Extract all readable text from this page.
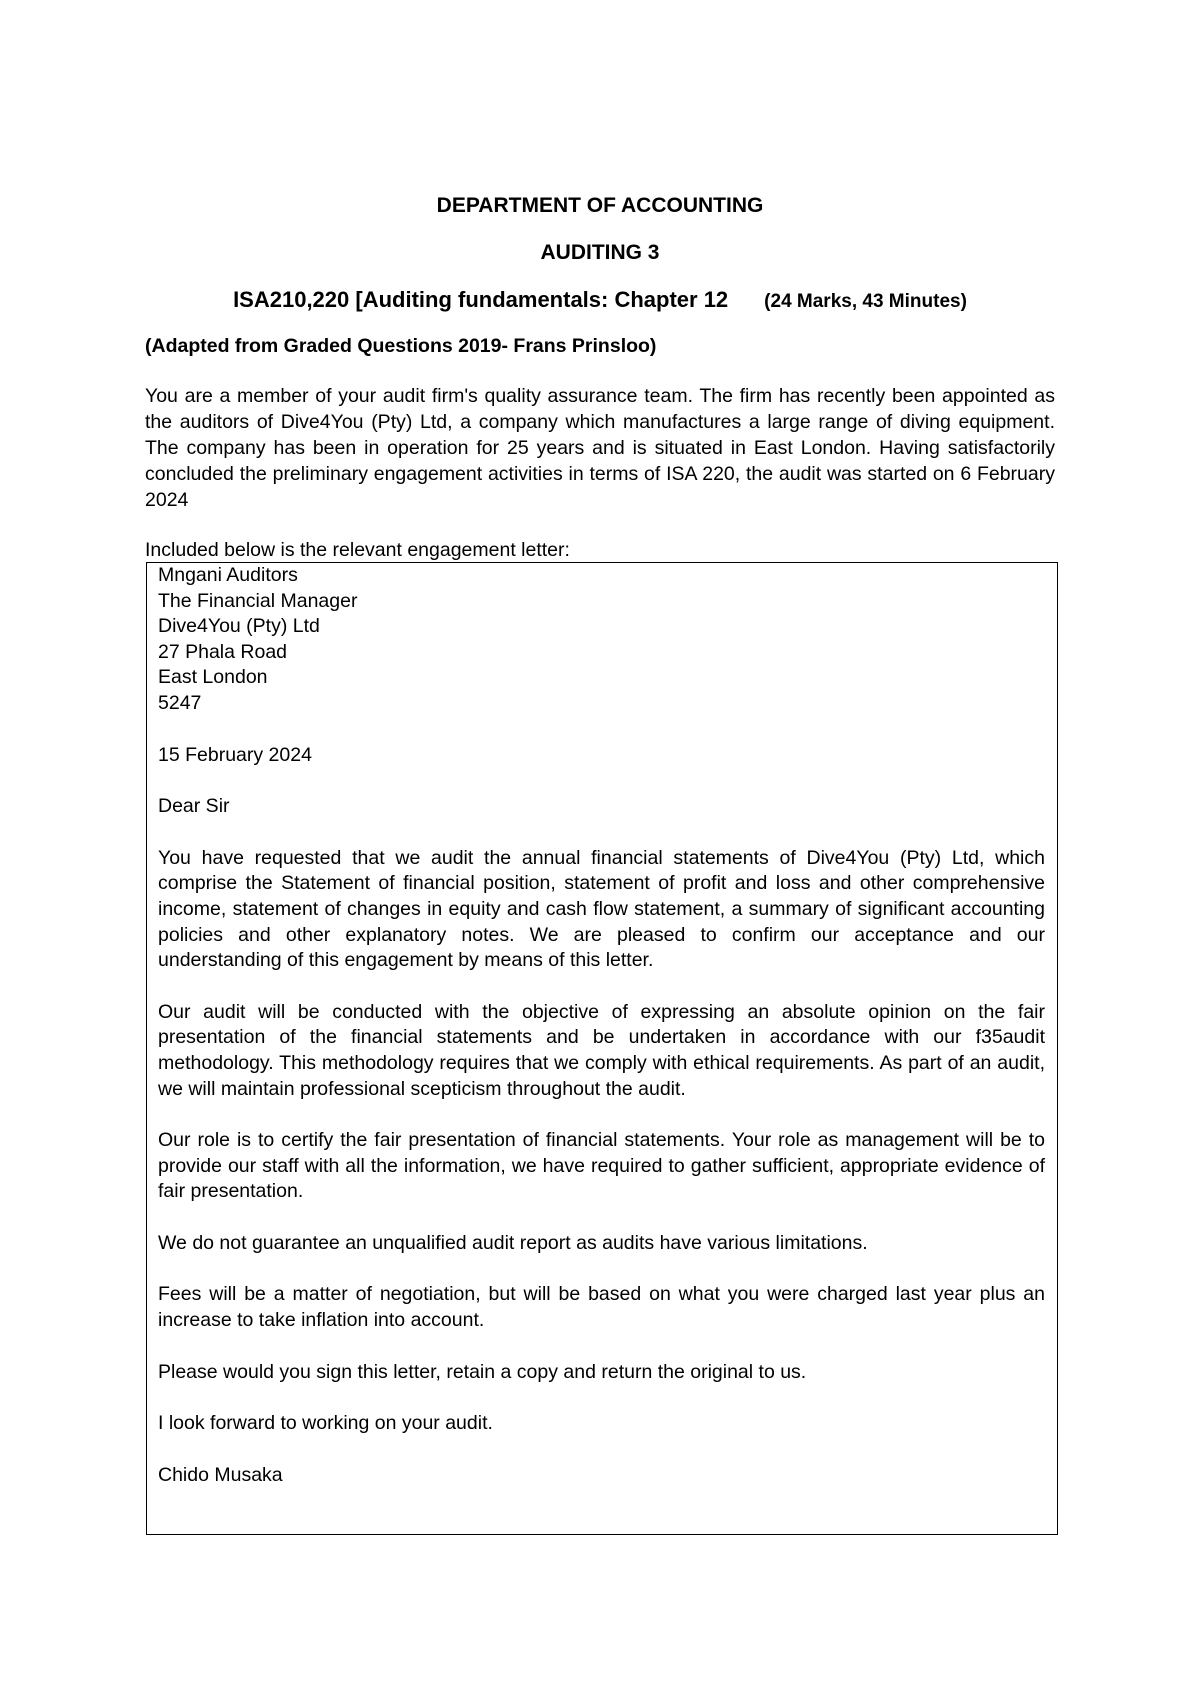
DEPARTMENT OF ACCOUNTING
AUDITING 3
ISA210,220 [Auditing fundamentals: Chapter 12 (24 Marks, 43 Minutes)
(Adapted from Graded Questions 2019- Frans Prinsloo)

You are a member of your audit firm's quality assurance team. The firm has recently been appointed as the auditors of Dive4You (Pty) Ltd, a company which manufactures a large range of diving equipment. The company has been in operation for 25 years and is situated in East London. Having satisfactorily concluded the preliminary engagement activities in terms of ISA 220, the audit was started on 6 February 2024

Included below is the relevant engagement letter:
Mngani Auditors
The Financial Manager
Dive4You (Pty) Ltd
27 Phala Road
East London
5247
15 February 2024
Dear Sir

You have requested that we audit the annual financial statements of Dive4You (Pty) Ltd, which comprise the Statement of financial position, statement of profit and loss and other comprehensive income, statement of changes in equity and cash flow statement, a summary of significant accounting policies and other explanatory notes. We are pleased to confirm our acceptance and our understanding of this engagement by means of this letter.

Our audit will be conducted with the objective of expressing an absolute opinion on the fair presentation of the financial statements and be undertaken in accordance with our f35audit methodology. This methodology requires that we comply with ethical requirements. As part of an audit, we will maintain professional scepticism throughout the audit.

Our role is to certify the fair presentation of financial statements. Your role as management will be to provide our staff with all the information, we have required to gather sufficient, appropriate evidence of fair presentation.

We do not guarantee an unqualified audit report as audits have various limitations.

Fees will be a matter of negotiation, but will be based on what you were charged last year plus an increase to take inflation into account.

Please would you sign this letter, retain a copy and return the original to us.

I look forward to working on your audit.

Chido Musaka
